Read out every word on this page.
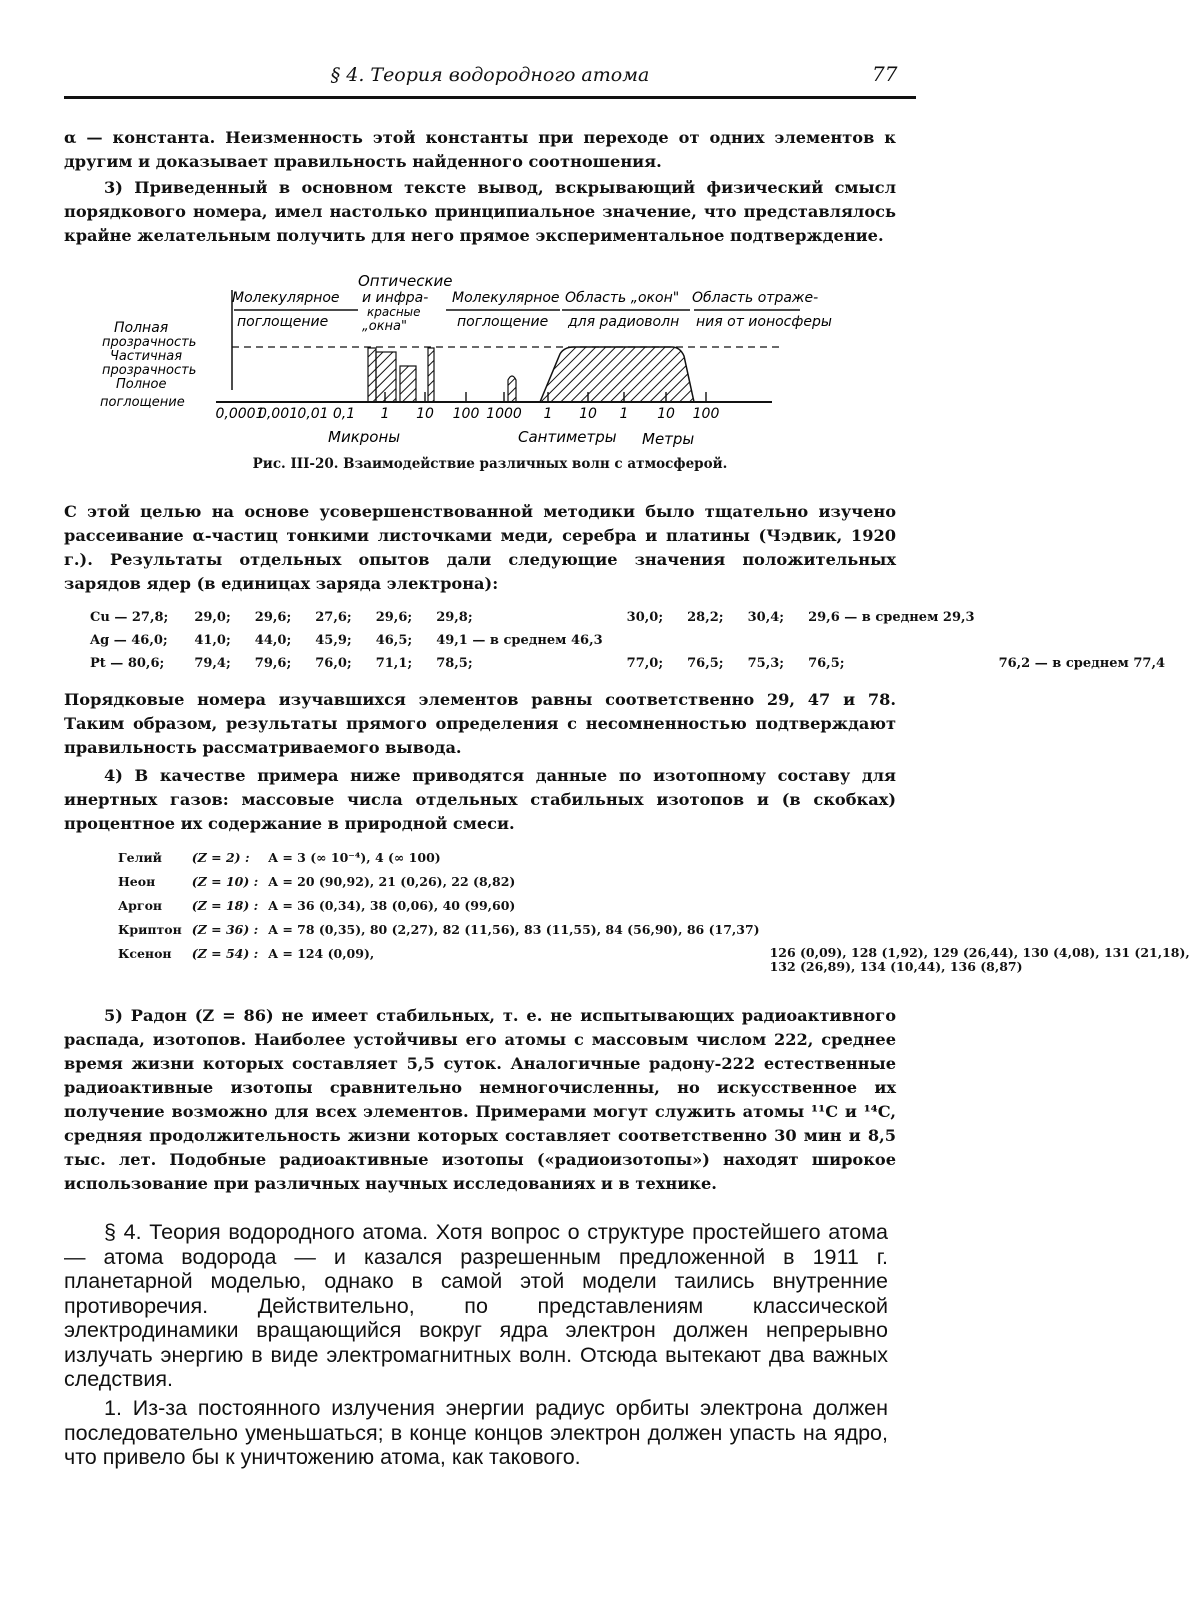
§ 4. Теория водородного атома	77
α — константа. Неизменность этой константы при переходе от одних элементов к другим и доказывает правильность найденного соотношения.
3) Приведенный в основном тексте вывод, вскрывающий физический смысл порядкового номера, имел настолько принципиальное значение, что представлялось крайне желательным получить для него прямое экспериментальное подтверждение.
Оптические
Молекулярное
поглощение
и инфра-
красные
„окна"
Молекулярное
поглощение
Область „окон"
для радиоволн
Область отраже-
ния от ионосферы
Полная
прозрачность
Частичная
прозрачность
Полное
поглощение
0,0001
0,001 0,01 0,1 1 10 100 1000 1 10 1 10 100
Микроны	Сантиметры Метры
Рис. III-20. Взаимодействие различных волн с атмосферой.
С этой целью на основе усовершенствованной методики было тщательно изучено рассеивание α-частиц тонкими листочками меди, серебра и платины (Чэдвик, 1920 г.). Результаты отдельных опытов дали следующие значения положительных зарядов ядер (в единицах заряда электрона):
Cu — 27,8;	29,0;	29,6;	27,6;	29,6;	29,8;	30,0;	28,2;	30,4;	29,6 — в среднем 29,3	
Ag — 46,0;	41,0;	44,0;	45,9;	46,5;	49,1 — в среднем 46,3					
Pt — 80,6;	79,4;	79,6;	76,0;	71,1;	78,5;	77,0;	76,5;	75,3;	76,5;	76,2 — в среднем 77,4
Порядковые номера изучавшихся элементов равны соответственно 29, 47 и 78. Таким образом, результаты прямого определения с несомненностью подтверждают правильность рассматриваемого вывода.
4) В качестве примера ниже приводятся данные по изотопному составу для инертных газов: массовые числа отдельных стабильных изотопов и (в скобках) процентное их содержание в природной смеси.
Гелий	(Z = 2) :	A = 3 (∞ 10⁻⁴), 4 (∞ 100)	
Неон	(Z = 10) :	A = 20 (90,92), 21 (0,26), 22 (8,82)	
Аргон	(Z = 18) :	A = 36 (0,34), 38 (0,06), 40 (99,60)	
Криптон	(Z = 36) :	A = 78 (0,35), 80 (2,27), 82 (11,56), 83 (11,55), 84 (56,90), 86 (17,37)	
Ксенон	(Z = 54) :	A = 124 (0,09),	126 (0,09), 128 (1,92), 129 (26,44), 130 (4,08), 131 (21,18),
132 (26,89), 134 (10,44), 136 (8,87)
5) Радон (Z = 86) не имеет стабильных, т. е. не испытывающих радиоактивного распада, изотопов. Наиболее устойчивы его атомы с массовым числом 222, среднее время жизни которых составляет 5,5 суток. Аналогичные радону-222 естественные радиоактивные изотопы сравнительно немногочисленны, но искусственное их получение возможно для всех элементов. Примерами могут служить атомы ¹¹C и ¹⁴C, средняя продолжительность жизни которых составляет соответственно 30 мин и 8,5 тыс. лет. Подобные радиоактивные изотопы («радиоизотопы») находят широкое использование при различных научных исследованиях и в технике.
§ 4. Теория водородного атома. Хотя вопрос о структуре простейшего атома — атома водорода — и казался разрешенным предложенной в 1911 г. планетарной моделью, однако в самой этой модели таились внутренние противоречия. Действительно, по представлениям классической электродинамики вращающийся вокруг ядра электрон должен непрерывно излучать энергию в виде электромагнитных волн. Отсюда вытекают два важных следствия.
1. Из-за постоянного излучения энергии радиус орбиты электрона должен последовательно уменьшаться; в конце концов электрон должен упасть на ядро, что привело бы к уничтожению атома, как такового.
